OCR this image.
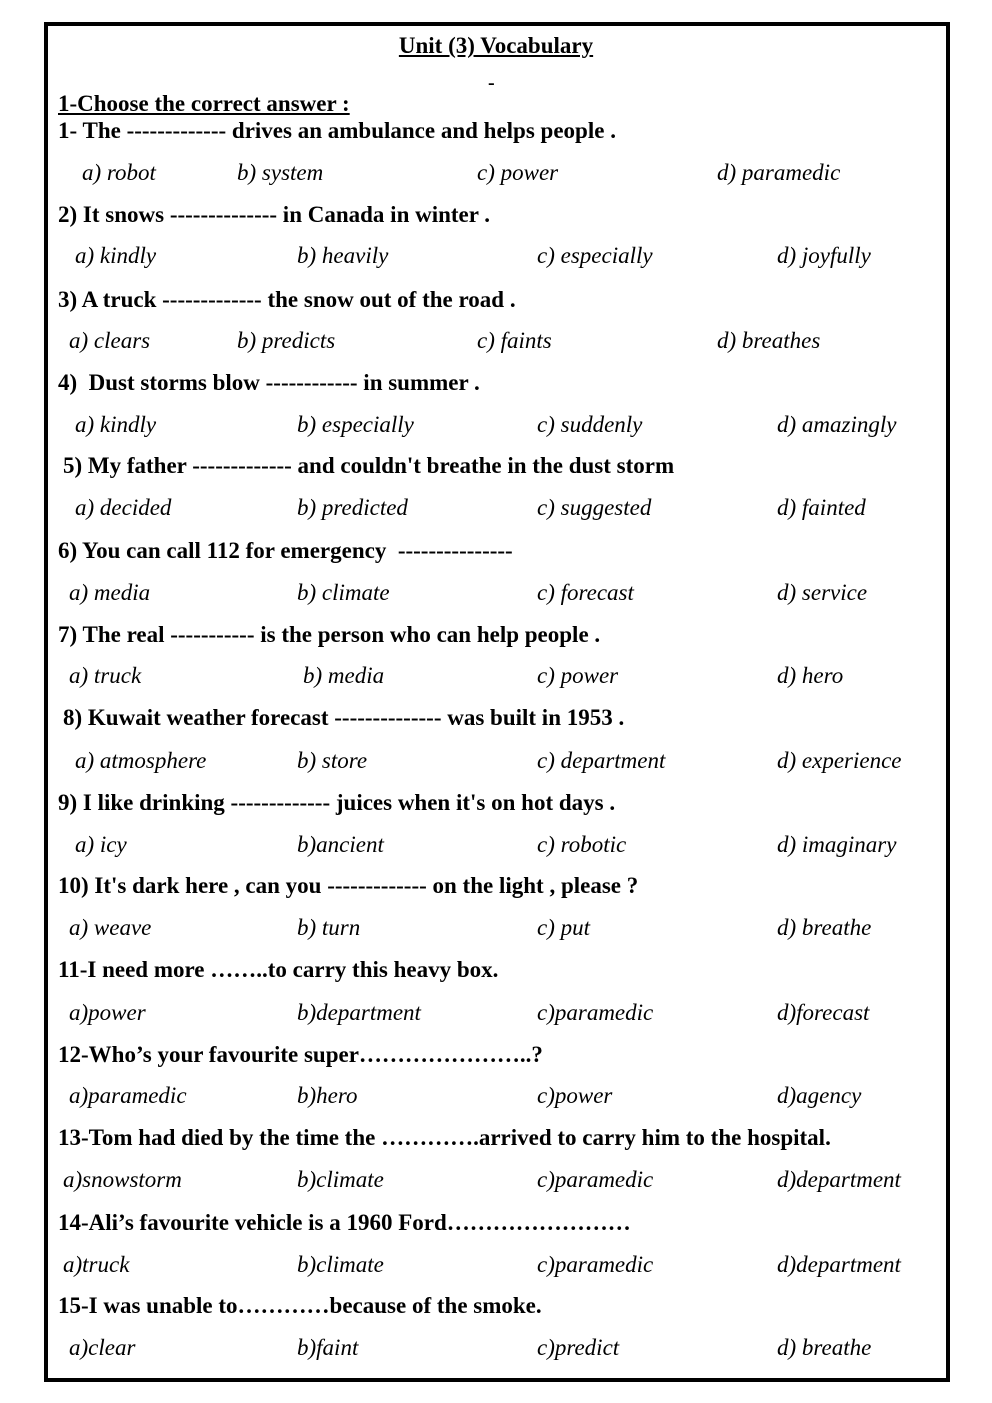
Unit (3) Vocabulary
-
1-Choose the correct answer :
1- The ------------- drives an ambulance and helps people .
a) robot	b) system	c) power	d) paramedic
2) It snows -------------- in Canada in winter .
a) kindly	b) heavily	c) especially	d) joyfully
3) A truck ------------- the snow out of the road .
a) clears	b) predicts	c) faints	d) breathes
4)  Dust storms blow ------------ in summer .
a) kindly	b) especially	c) suddenly	d) amazingly
5) My father ------------- and couldn't breathe in the dust storm
a) decided	b) predicted	c) suggested	d) fainted
6) You can call 112 for emergency  ---------------
a) media	b) climate	c) forecast	d) service
7) The real ----------- is the person who can help people .
a) truck	b) media	c) power	d) hero
8) Kuwait weather forecast -------------- was built in 1953 .
a) atmosphere	b) store	c) department	d) experience
9) I like drinking ------------- juices when it's on hot days .
a) icy	b)ancient	c) robotic	d) imaginary
10) It's dark here , can you ------------- on the light , please ?
a) weave	b) turn	c) put	d) breathe
11-I need more ……..to carry this heavy box.
a)power	b)department	c)paramedic	d)forecast
12-Who’s your favourite super…………………..?
a)paramedic	b)hero	c)power	d)agency
13-Tom had died by the time the ………….arrived to carry him to the hospital.
a)snowstorm	b)climate	c)paramedic	d)department
14-Ali’s favourite vehicle is a 1960 Ford……………………
a)truck	b)climate	c)paramedic	d)department
15-I was unable to…………because of the smoke.
a)clear	b)faint	c)predict	d) breathe
